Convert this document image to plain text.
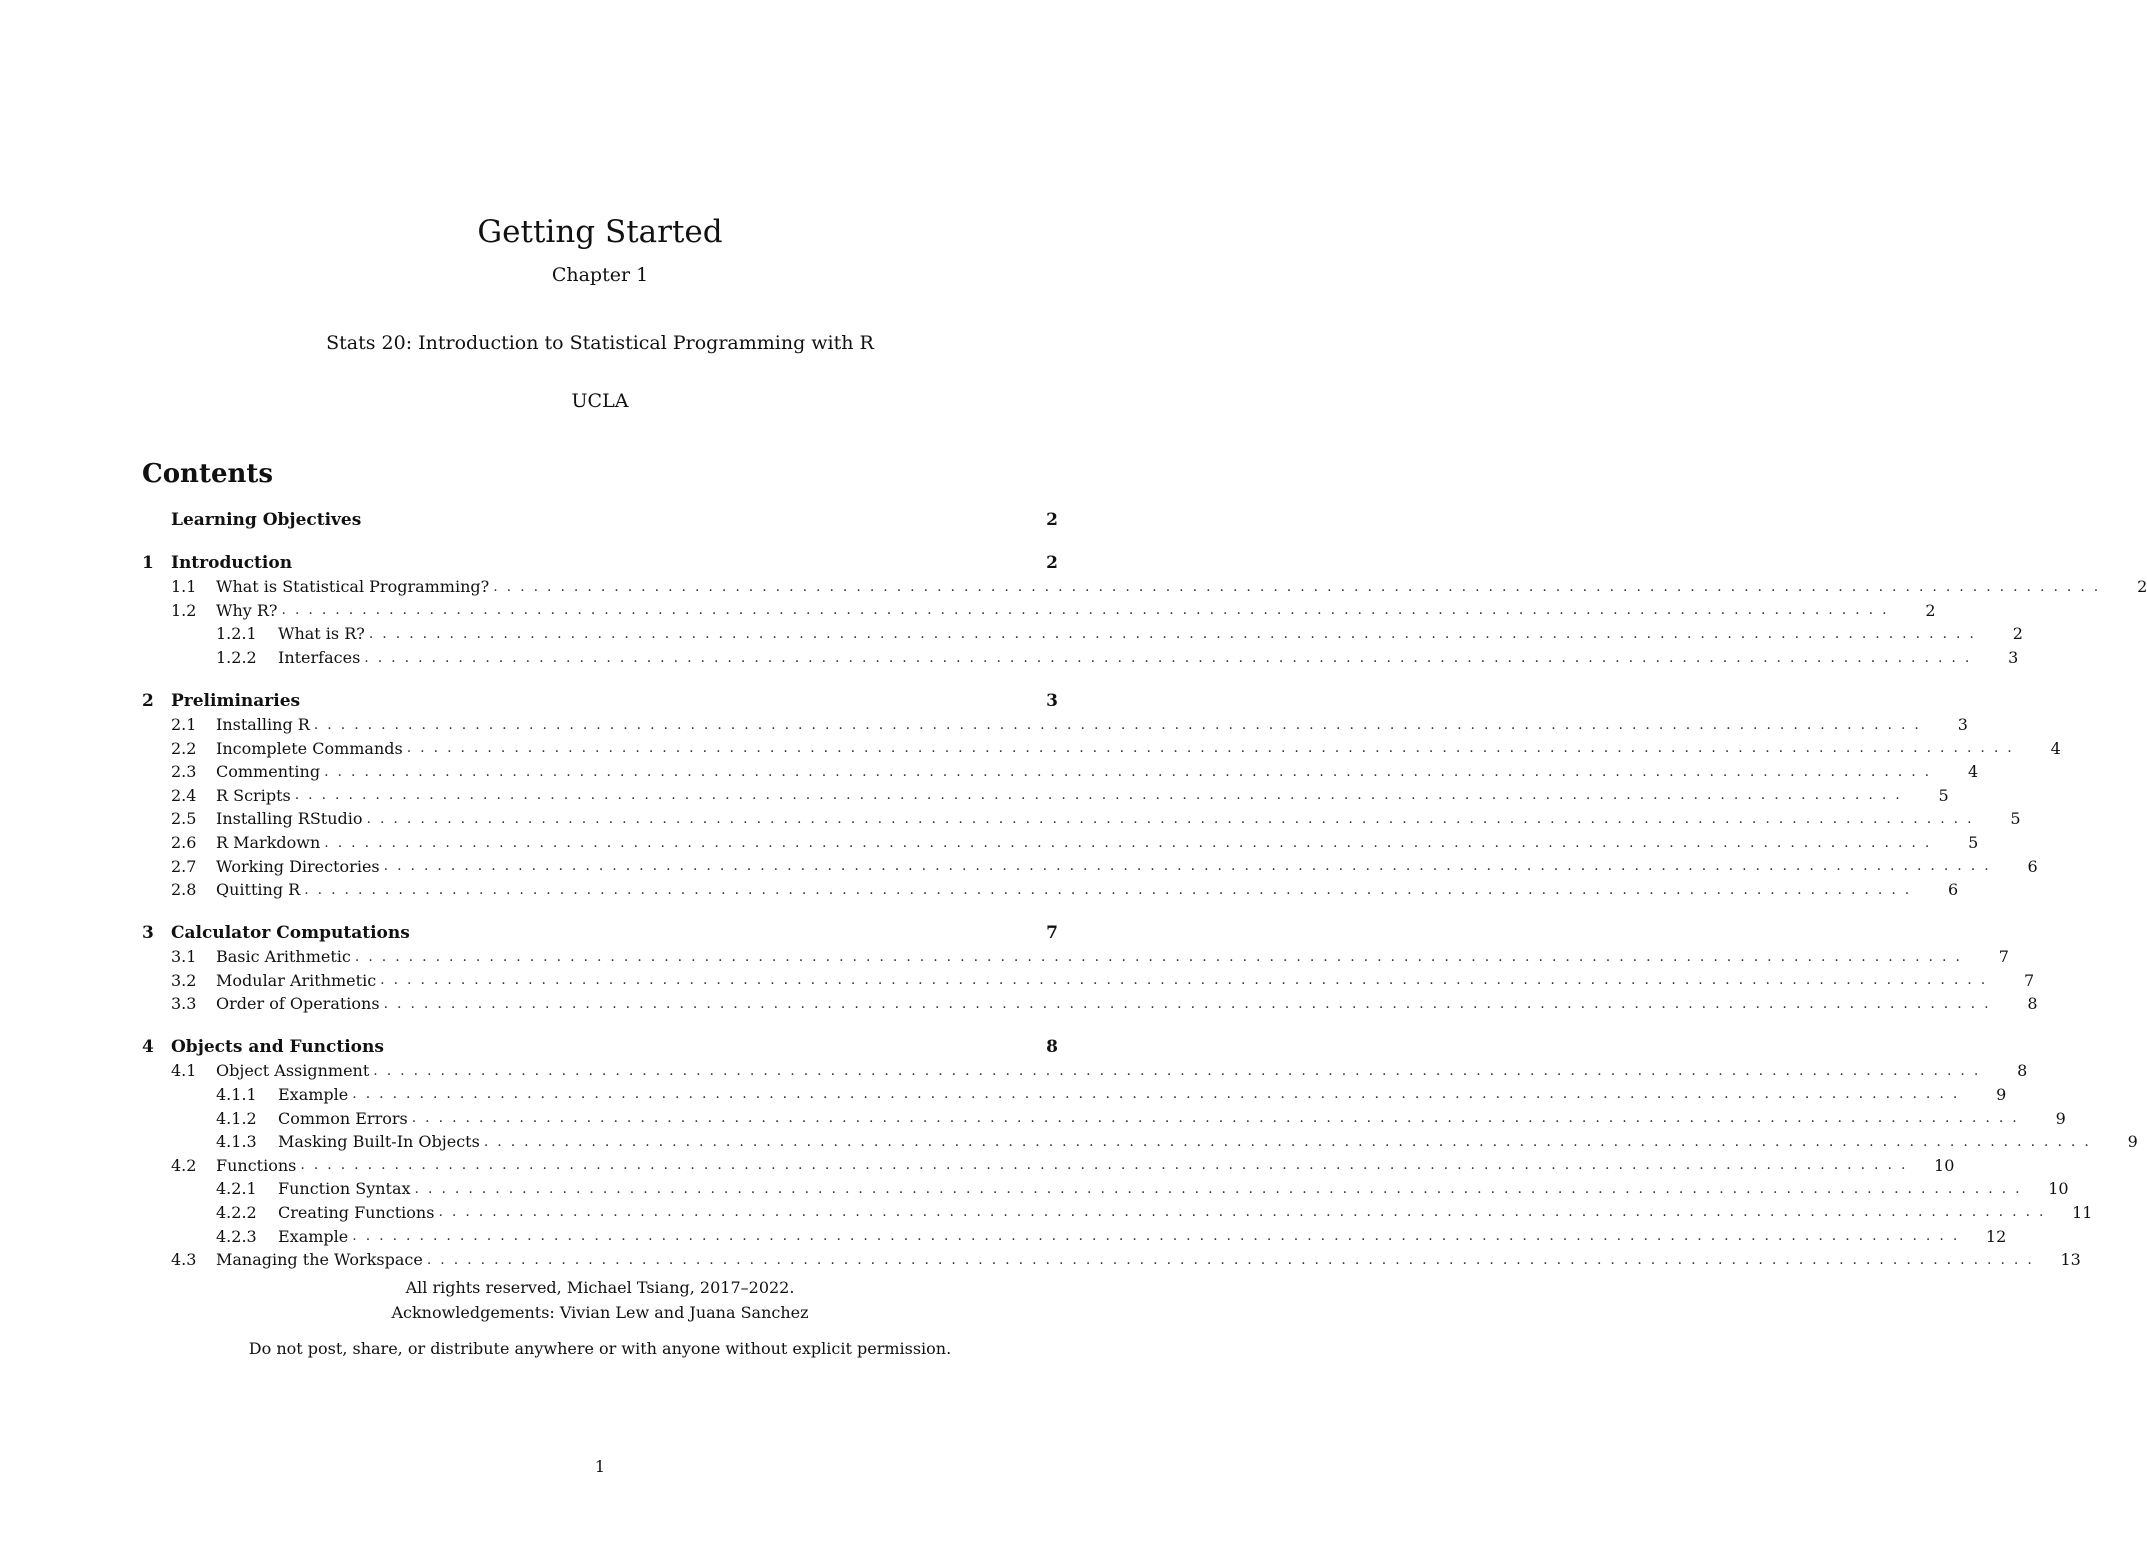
Getting Started
Chapter 1
Stats 20: Introduction to Statistical Programming with R
UCLA
Contents
Learning Objectives	2
1	Introduction	2
1.1	What is Statistical Programming? ........................................................................................................................	2
1.2	Why R? ........................................................................................................................	2
1.2.1	What is R? ........................................................................................................................	2
1.2.2	Interfaces ........................................................................................................................	3
2	Preliminaries	3
2.1	Installing R ........................................................................................................................	3
2.2	Incomplete Commands ........................................................................................................................	4
2.3	Commenting ........................................................................................................................	4
2.4	R Scripts ........................................................................................................................	5
2.5	Installing RStudio ........................................................................................................................	5
2.6	R Markdown ........................................................................................................................	5
2.7	Working Directories ........................................................................................................................	6
2.8	Quitting R ........................................................................................................................	6
3	Calculator Computations	7
3.1	Basic Arithmetic ........................................................................................................................	7
3.2	Modular Arithmetic ........................................................................................................................	7
3.3	Order of Operations ........................................................................................................................	8
4	Objects and Functions	8
4.1	Object Assignment ........................................................................................................................	8
4.1.1	Example ........................................................................................................................	9
4.1.2	Common Errors ........................................................................................................................	9
4.1.3	Masking Built-In Objects ........................................................................................................................	9
4.2	Functions ........................................................................................................................	10
4.2.1	Function Syntax ........................................................................................................................	10
4.2.2	Creating Functions ........................................................................................................................	11
4.2.3	Example ........................................................................................................................	12
4.3	Managing the Workspace ........................................................................................................................	13
All rights reserved, Michael Tsiang, 2017–2022.
Acknowledgements: Vivian Lew and Juana Sanchez
Do not post, share, or distribute anywhere or with anyone without explicit permission.
1
